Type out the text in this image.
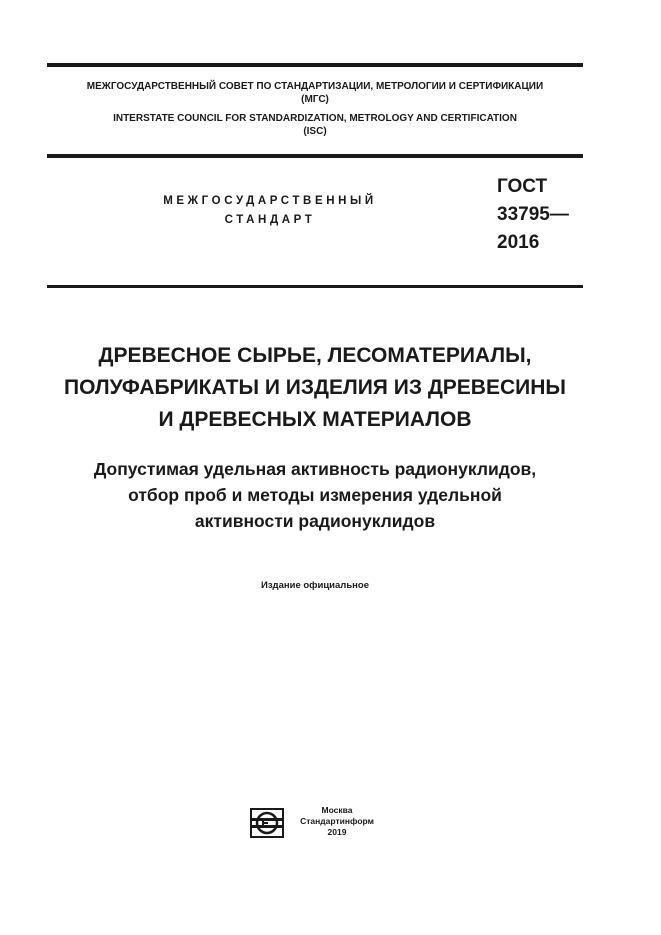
МЕЖГОСУДАРСТВЕННЫЙ СОВЕТ ПО СТАНДАРТИЗАЦИИ, МЕТРОЛОГИИ И СЕРТИФИКАЦИИ
(МГС)
INTERSTATE COUNCIL FOR STANDARDIZATION, METROLOGY AND CERTIFICATION
(ISC)
МЕЖГОСУДАРСТВЕННЫЙ
СТАНДАРТ
ГОСТ
33795—
2016
ДРЕВЕСНОЕ СЫРЬЕ, ЛЕСОМАТЕРИАЛЫ,
ПОЛУФАБРИКАТЫ И ИЗДЕЛИЯ ИЗ ДРЕВЕСИНЫ
И ДРЕВЕСНЫХ МАТЕРИАЛОВ
Допустимая удельная активность радионуклидов,
отбор проб и методы измерения удельной
активности радионуклидов
Издание официальное
Москва
Стандартинформ
2019
